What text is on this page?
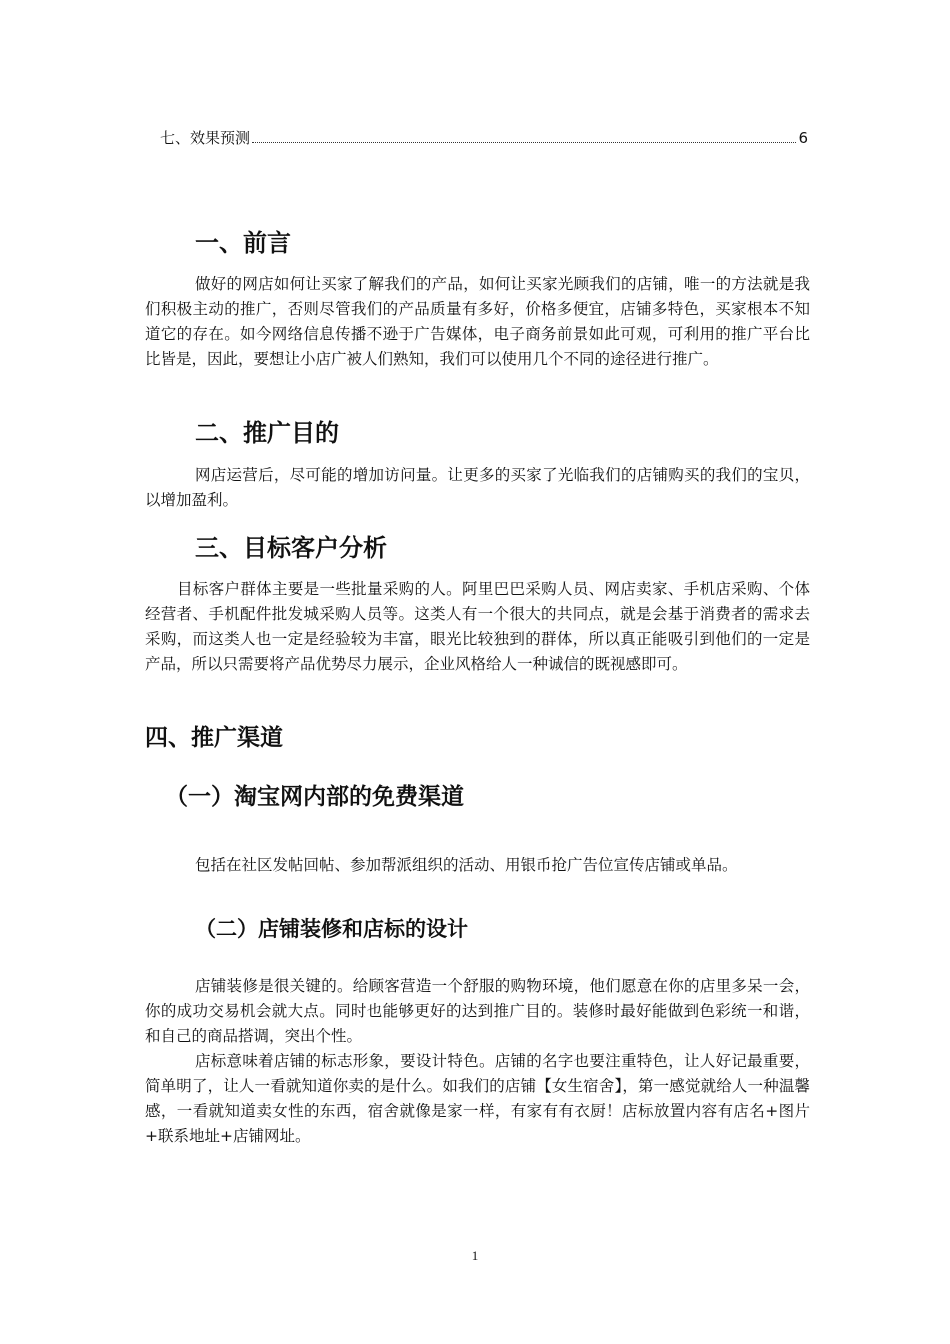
七、效果预测	6
一、前言

做好的网店如何让买家了解我们的产品，如何让买家光顾我们的店铺，唯一的方法就是我们积极主动的推广，否则尽管我们的产品质量有多好，价格多便宜，店铺多特色，买家根本不知道它的存在。如今网络信息传播不逊于广告媒体，电子商务前景如此可观，可利用的推广平台比比皆是，因此，要想让小店广被人们熟知，我们可以使用几个不同的途径进行推广。

二、推广目的

网店运营后，尽可能的增加访问量。让更多的买家了光临我们的店铺购买的我们的宝贝，以增加盈利。

三、目标客户分析

目标客户群体主要是一些批量采购的人。阿里巴巴采购人员、网店卖家、手机店采购、个体经营者、手机配件批发城采购人员等。这类人有一个很大的共同点，就是会基于消费者的需求去采购，而这类人也一定是经验较为丰富，眼光比较独到的群体，所以真正能吸引到他们的一定是产品，所以只需要将产品优势尽力展示，企业风格给人一种诚信的既视感即可。

四、推广渠道
（一）淘宝网内部的免费渠道

包括在社区发帖回帖、参加帮派组织的活动、用银币抢广告位宣传店铺或单品。

（二）店铺装修和店标的设计

店铺装修是很关键的。给顾客营造一个舒服的购物环境，他们愿意在你的店里多呆一会，你的成功交易机会就大点。同时也能够更好的达到推广目的。装修时最好能做到色彩统一和谐，和自己的商品搭调，突出个性。

店标意味着店铺的标志形象，要设计特色。店铺的名字也要注重特色，让人好记最重要，简单明了，让人一看就知道你卖的是什么。如我们的店铺【女生宿舍】，第一感觉就给人一种温馨感，一看就知道卖女性的东西，宿舍就像是家一样，有家有有衣厨！店标放置内容有店名+图片+联系地址+店铺网址。

1
